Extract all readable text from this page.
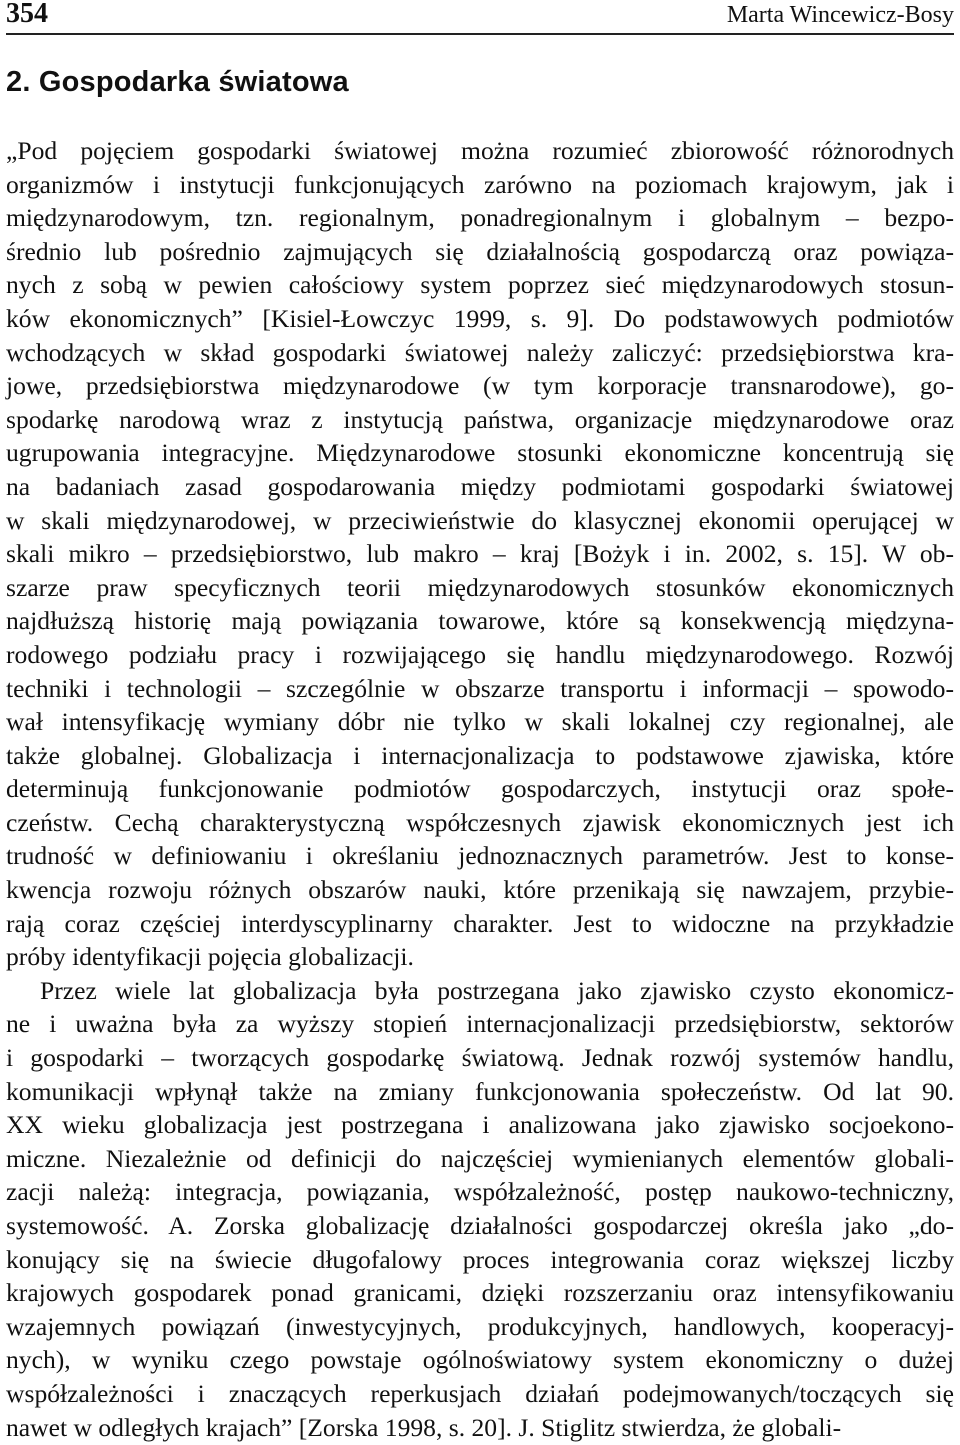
354	Marta Wincewicz-Bosy
2. Gospodarka światowa
„Pod pojęciem gospodarki światowej można rozumieć zbiorowość różnorodnych
organizmów i instytucji funkcjonujących zarówno na poziomach krajowym, jak i
międzynarodowym, tzn. regionalnym, ponadregionalnym i globalnym – bezpo-
średnio lub pośrednio zajmujących się działalnością gospodarczą oraz powiąza-
nych z sobą w pewien całościowy system poprzez sieć międzynarodowych stosun-
ków ekonomicznych” [Kisiel-Łowczyc 1999, s. 9]. Do podstawowych podmiotów
wchodzących w skład gospodarki światowej należy zaliczyć: przedsiębiorstwa kra-
jowe, przedsiębiorstwa międzynarodowe (w tym korporacje transnarodowe), go-
spodarkę narodową wraz z instytucją państwa, organizacje międzynarodowe oraz
ugrupowania integracyjne. Międzynarodowe stosunki ekonomiczne koncentrują się
na badaniach zasad gospodarowania między podmiotami gospodarki światowej
w skali międzynarodowej, w przeciwieństwie do klasycznej ekonomii operującej w
skali mikro – przedsiębiorstwo, lub makro – kraj [Bożyk i in. 2002, s. 15]. W ob-
szarze praw specyficznych teorii międzynarodowych stosunków ekonomicznych
najdłuższą historię mają powiązania towarowe, które są konsekwencją międzyna-
rodowego podziału pracy i rozwijającego się handlu międzynarodowego. Rozwój
techniki i technologii – szczególnie w obszarze transportu i informacji – spowodo-
wał intensyfikację wymiany dóbr nie tylko w skali lokalnej czy regionalnej, ale
także globalnej. Globalizacja i internacjonalizacja to podstawowe zjawiska, które
determinują funkcjonowanie podmiotów gospodarczych, instytucji oraz społe-
czeństw. Cechą charakterystyczną współczesnych zjawisk ekonomicznych jest ich
trudność w definiowaniu i określaniu jednoznacznych parametrów. Jest to konse-
kwencja rozwoju różnych obszarów nauki, które przenikają się nawzajem, przybie-
rają coraz częściej interdyscyplinarny charakter. Jest to widoczne na przykładzie
próby identyfikacji pojęcia globalizacji.
Przez wiele lat globalizacja była postrzegana jako zjawisko czysto ekonomicz-
ne i uważna była za wyższy stopień internacjonalizacji przedsiębiorstw, sektorów
i gospodarki – tworzących gospodarkę światową. Jednak rozwój systemów handlu,
komunikacji wpłynął także na zmiany funkcjonowania społeczeństw. Od lat 90.
XX wieku globalizacja jest postrzegana i analizowana jako zjawisko socjoekono-
miczne. Niezależnie od definicji do najczęściej wymienianych elementów globali-
zacji należą: integracja, powiązania, współzależność, postęp naukowo-techniczny,
systemowość. A. Zorska globalizację działalności gospodarczej określa jako „do-
konujący się na świecie długofalowy proces integrowania coraz większej liczby
krajowych gospodarek ponad granicami, dzięki rozszerzaniu oraz intensyfikowaniu
wzajemnych powiązań (inwestycyjnych, produkcyjnych, handlowych, kooperacyj-
nych), w wyniku czego powstaje ogólnoświatowy system ekonomiczny o dużej
współzależności i znaczących reperkusjach działań podejmowanych/toczących się
nawet w odległych krajach” [Zorska 1998, s. 20]. J. Stiglitz stwierdza, że globali-
